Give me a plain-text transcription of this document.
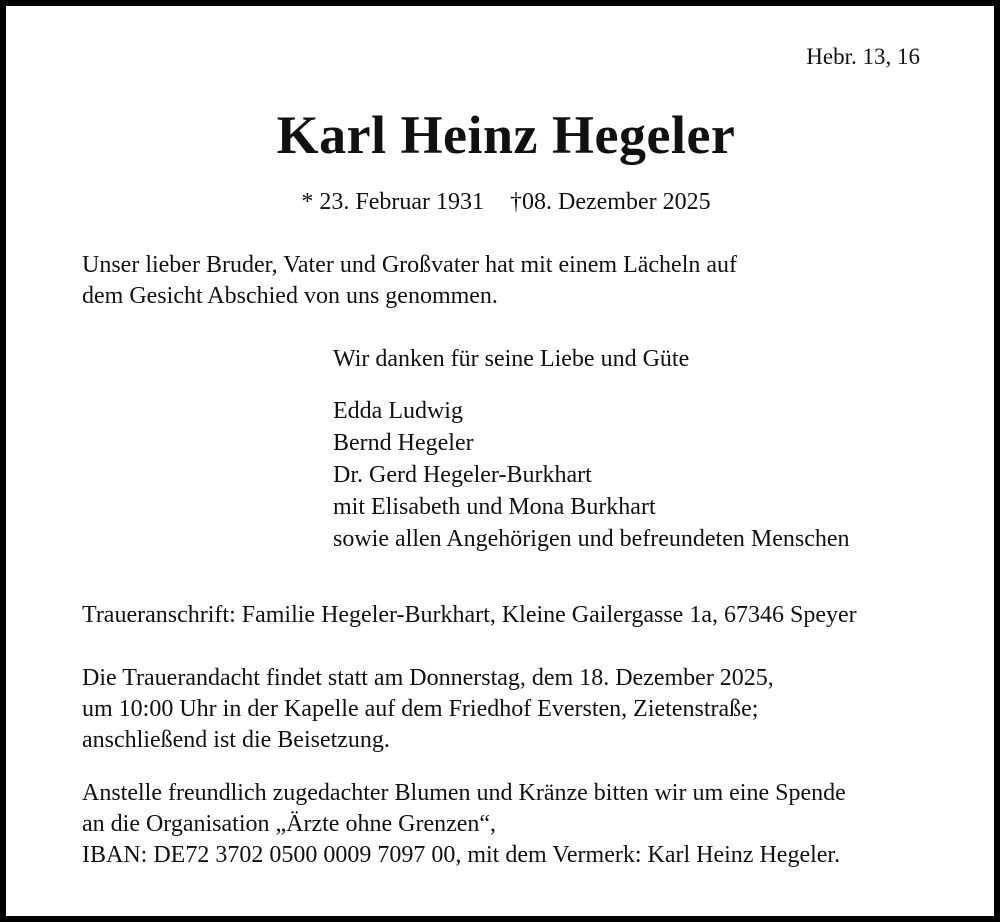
Hebr. 13, 16
Karl Heinz Hegeler
* 23. Februar 1931 †08. Dezember 2025
Unser lieber Bruder, Vater und Großvater hat mit einem Lächeln auf
dem Gesicht Abschied von uns genommen.
Wir danken für seine Liebe und Güte
Edda Ludwig
Bernd Hegeler
Dr. Gerd Hegeler-Burkhart
mit Elisabeth und Mona Burkhart
sowie allen Angehörigen und befreundeten Menschen
Traueranschrift: Familie Hegeler-Burkhart, Kleine Gailergasse 1a, 67346 Speyer
Die Trauerandacht findet statt am Donnerstag, dem 18. Dezember 2025,
um 10:00 Uhr in der Kapelle auf dem Friedhof Eversten, Zietenstraße;
anschließend ist die Beisetzung.
Anstelle freundlich zugedachter Blumen und Kränze bitten wir um eine Spende
an die Organisation „Ärzte ohne Grenzen“,
IBAN: DE72 3702 0500 0009 7097 00, mit dem Vermerk: Karl Heinz Hegeler.
